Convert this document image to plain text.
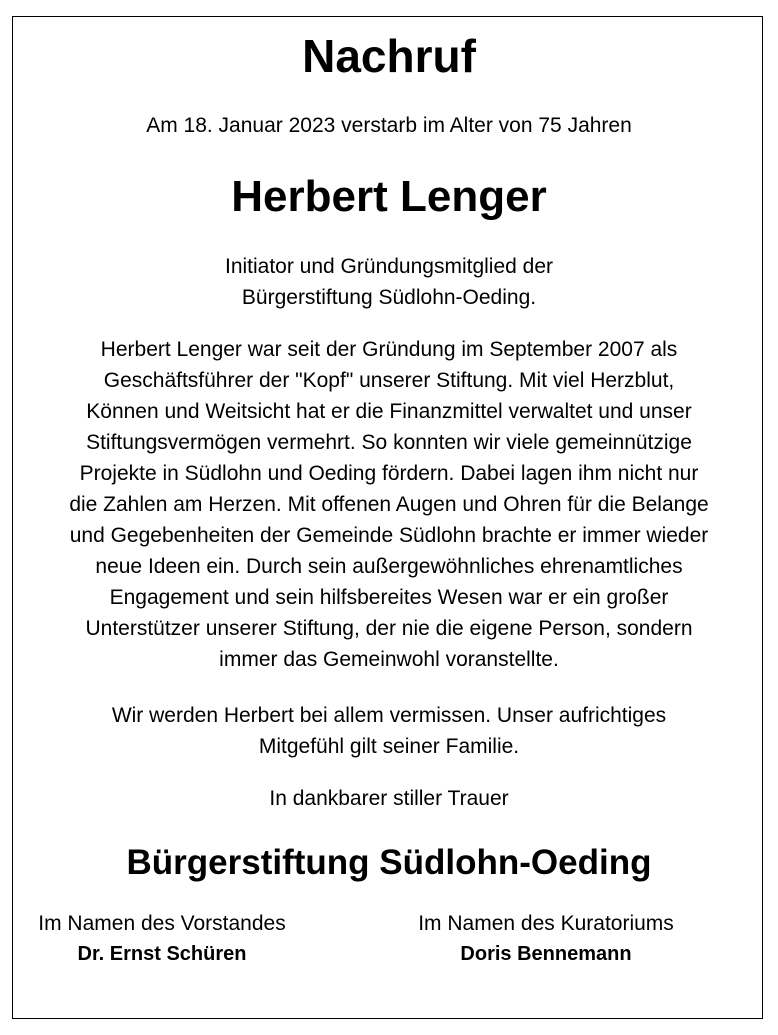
Nachruf
Am 18. Januar 2023 verstarb im Alter von 75 Jahren
Herbert Lenger
Initiator und Gründungsmitglied der
Bürgerstiftung Südlohn-Oeding.
Herbert Lenger war seit der Gründung im September 2007 als
Geschäftsführer der "Kopf" unserer Stiftung. Mit viel Herzblut,
Können und Weitsicht hat er die Finanzmittel verwaltet und unser
Stiftungsvermögen vermehrt. So konnten wir viele gemeinnützige
Projekte in Südlohn und Oeding fördern. Dabei lagen ihm nicht nur
die Zahlen am Herzen. Mit offenen Augen und Ohren für die Belange
und Gegebenheiten der Gemeinde Südlohn brachte er immer wieder
neue Ideen ein. Durch sein außergewöhnliches ehrenamtliches
Engagement und sein hilfsbereites Wesen war er ein großer
Unterstützer unserer Stiftung, der nie die eigene Person, sondern
immer das Gemeinwohl voranstellte.
Wir werden Herbert bei allem vermissen. Unser aufrichtiges
Mitgefühl gilt seiner Familie.
In dankbarer stiller Trauer
Bürgerstiftung Südlohn-Oeding
Im Namen des Vorstandes
Dr. Ernst Schüren
Im Namen des Kuratoriums
Doris Bennemann
